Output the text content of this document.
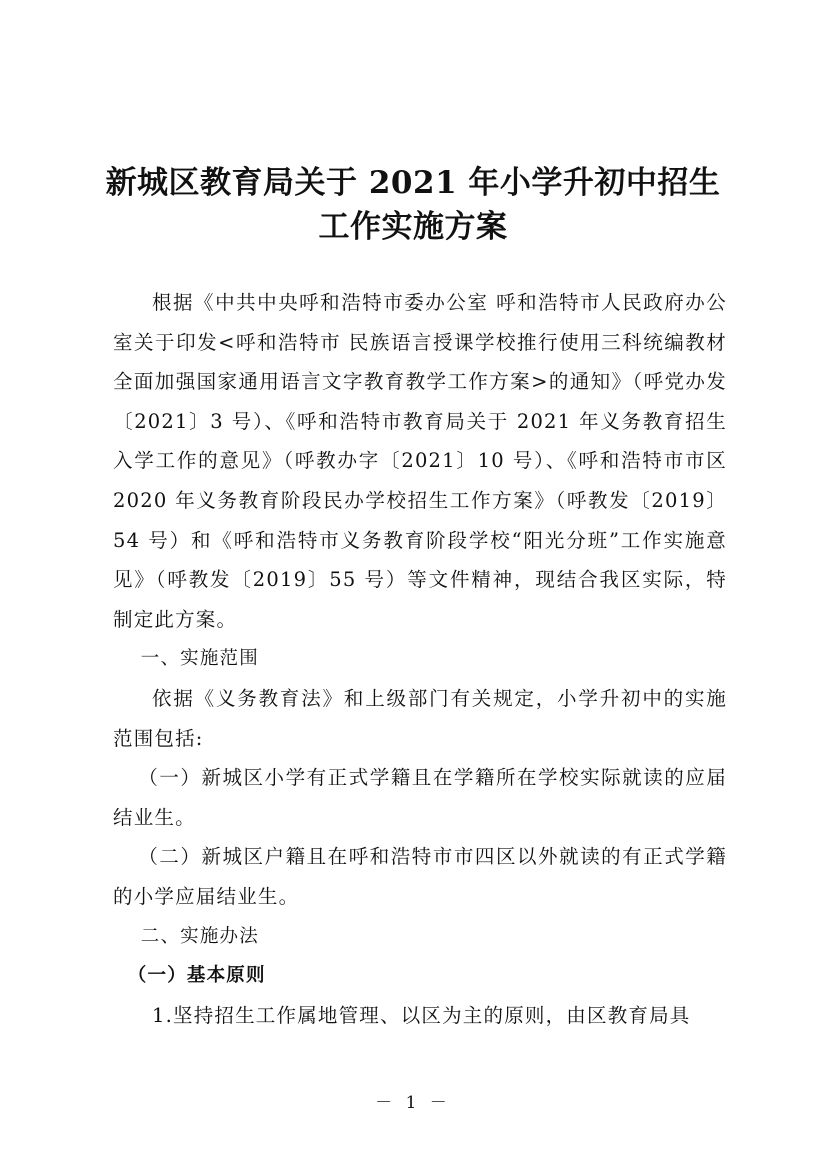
新城区教育局关于 2021 年小学升初中招生
工作实施方案

根据《中共中央呼和浩特市委办公室 呼和浩特市人民政府办公室关于印发<呼和浩特市 民族语言授课学校推行使用三科统编教材 全面加强国家通用语言文字教育教学工作方案>的通知》（呼党办发〔2021〕3 号）、《呼和浩特市教育局关于 2021 年义务教育招生入学工作的意见》（呼教办字〔2021〕10 号）、《呼和浩特市市区 2020 年义务教育阶段民办学校招生工作方案》（呼教发〔2019〕54 号）和《呼和浩特市义务教育阶段学校“阳光分班”工作实施意见》（呼教发〔2019〕55 号）等文件精神，现结合我区实际，特制定此方案。

一、实施范围

依据《义务教育法》和上级部门有关规定，小学升初中的实施范围包括:

（一）新城区小学有正式学籍且在学籍所在学校实际就读的应届结业生。

（二）新城区户籍且在呼和浩特市市四区以外就读的有正式学籍的小学应届结业生。

二、实施办法

（一）基本原则

1.坚持招生工作属地管理、以区为主的原则，由区教育局具

－ 1 －
